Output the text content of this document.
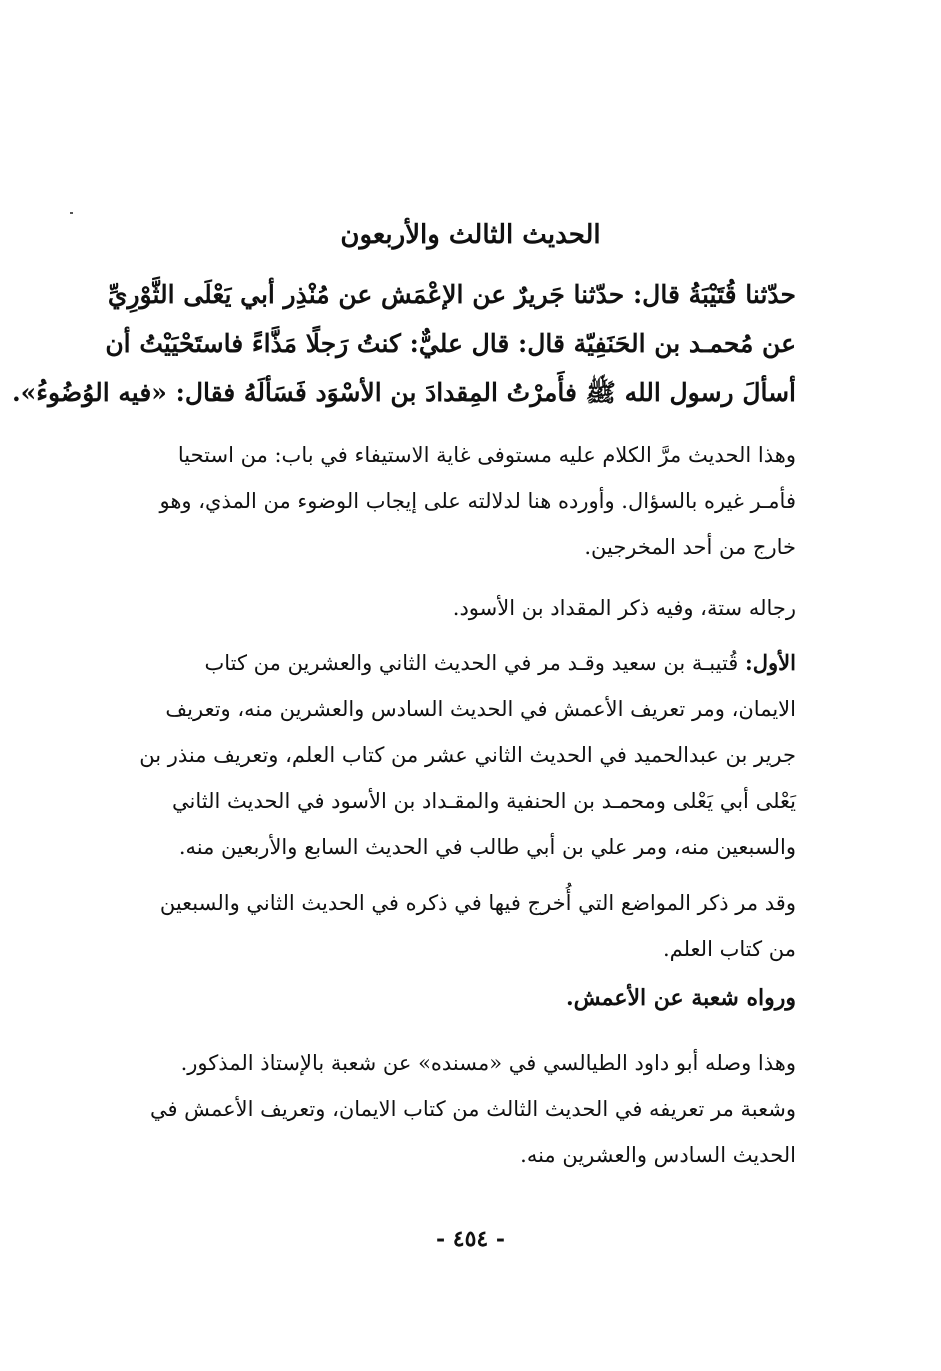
الحديث الثالث والأربعون
حدّثنا قُتَيْبَةُ قال: حدّثنا جَريرٌ عن الإعْمَش عن مُنْذِر أبي يَعْلَى الثَّوْرِيِّ
عن مُحمـد بن الحَنَفِيّة قال: قال عليٌّ: كنتُ رَجلًا مَذَّاءً فاستَحْيَيْتُ أن
أسألَ رسول الله ﷺ فأَمرْتُ المِقدادَ بن الأسْوَد فَسَألَهُ فقال: «فيه الوُضُوءُ».
وهذا الحديث مرَّ الكلام عليه مستوفى غاية الاستيفاء في باب: من استحيا
فأمـر غيره بالسؤال. وأورده هنا لدلالته على إيجاب الوضوء من المذي، وهو
خارج من أحد المخرجين.
رجاله ستة، وفيه ذكر المقداد بن الأسود.
الأول: قُتيبـة بن سعيد وقـد مر في الحديث الثاني والعشرين من كتاب
الايمان، ومر تعريف الأعمش في الحديث السادس والعشرين منه، وتعريف
جرير بن عبدالحميد في الحديث الثاني عشر من كتاب العلم، وتعريف منذر بن
يَعْلى أبي يَعْلى ومحمـد بن الحنفية والمقـداد بن الأسود في الحديث الثاني
والسبعين منه، ومر علي بن أبي طالب في الحديث السابع والأربعين منه.
وقد مر ذكر المواضع التي أُخرج فيها في ذكره في الحديث الثاني والسبعين
من كتاب العلم.
ورواه شعبة عن الأعمش.
وهذا وصله أبو داود الطيالسي في «مسنده» عن شعبة بالإستاذ المذكور.
وشعبة مر تعريفه في الحديث الثالث من كتاب الايمان، وتعريف الأعمش في
الحديث السادس والعشرين منه.
- ٤٥٤ -
